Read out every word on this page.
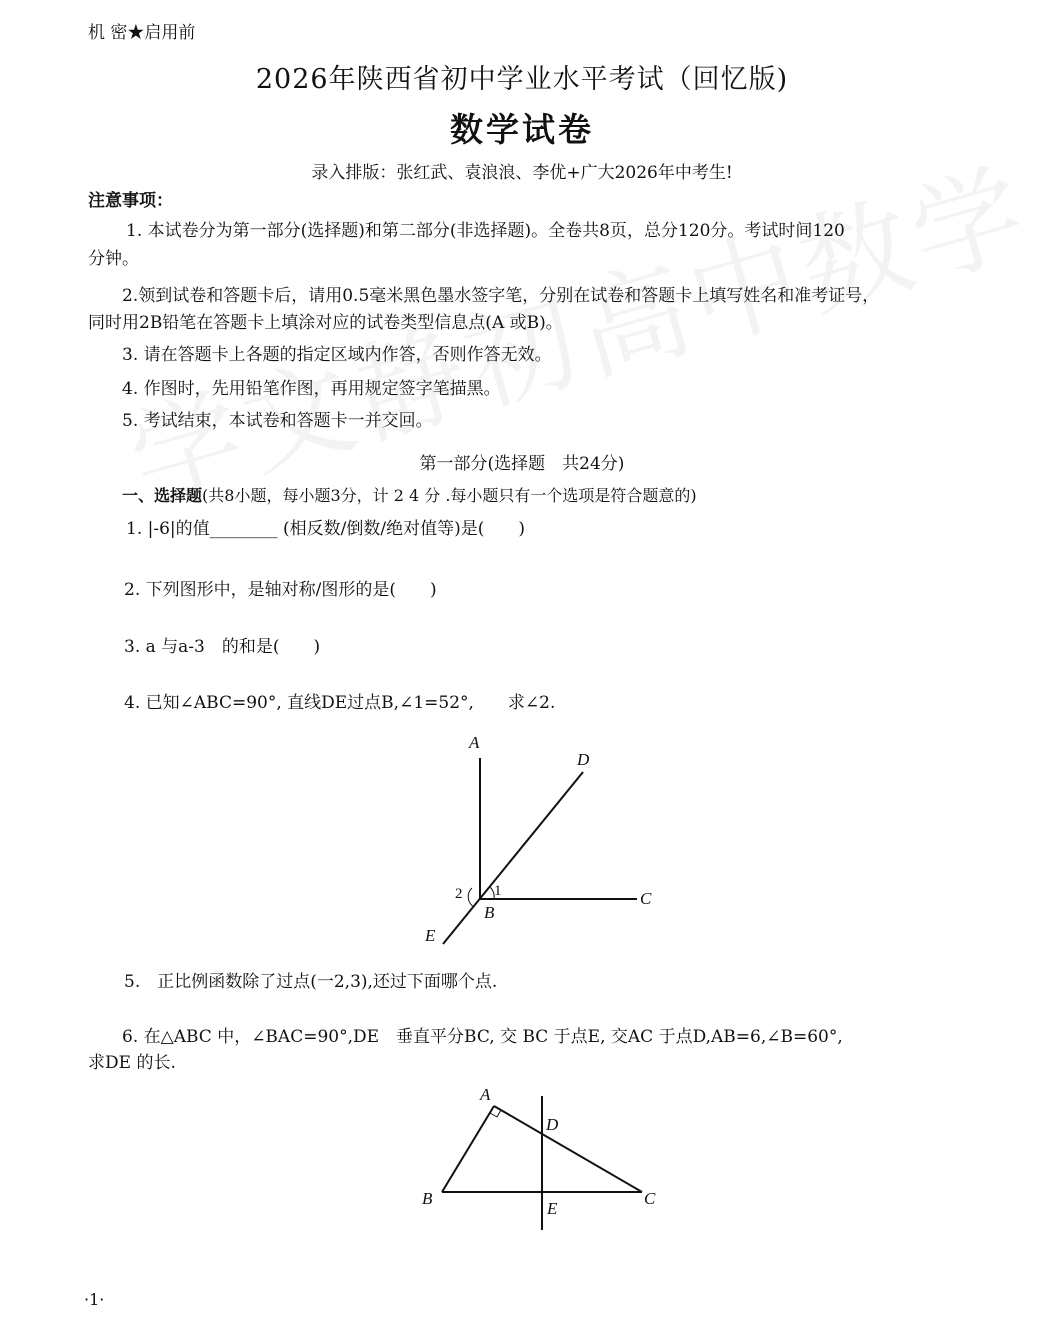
机 密★启用前
2026年陕西省初中学业水平考试（回忆版)
数学试卷
录入排版：张红武、袁浪浪、李优+广大2026年中考生!
注意事项：
1. 本试卷分为第一部分(选择题)和第二部分(非选择题)。全卷共8页，总分120分。考试时间120
分钟。
2.领到试卷和答题卡后，请用0.5毫米黑色墨水签字笔，分别在试卷和答题卡上填写姓名和准考证号，
同时用2B铅笔在答题卡上填涂对应的试卷类型信息点(A 或B)。
3. 请在答题卡上各题的指定区域内作答，否则作答无效。
4. 作图时，先用铅笔作图，再用规定签字笔描黑。
5. 考试结束，本试卷和答题卡一并交回。
第一部分(选择题　共24分)
一、选择题(共8小题，每小题3分，计 2 4 分 .每小题只有一个选项是符合题意的)
1. |-6|的值________ (相反数/倒数/绝对值等)是(　　)
2. 下列图形中，是轴对称/图形的是(　　)
3. a 与a-3　的和是(　　)
4. 已知∠ABC=90°, 直线DE过点B,∠1=52°,　　求∠2.
A
D
C
B
E
1
2
5.　正比例函数除了过点(一2,3),还过下面哪个点.
6. 在△ABC 中，∠BAC=90°,DE　垂直平分BC, 交 BC 于点E, 交AC 于点D,AB=6,∠B=60°,
求DE 的长.
A
D
B	C
E
·1·
